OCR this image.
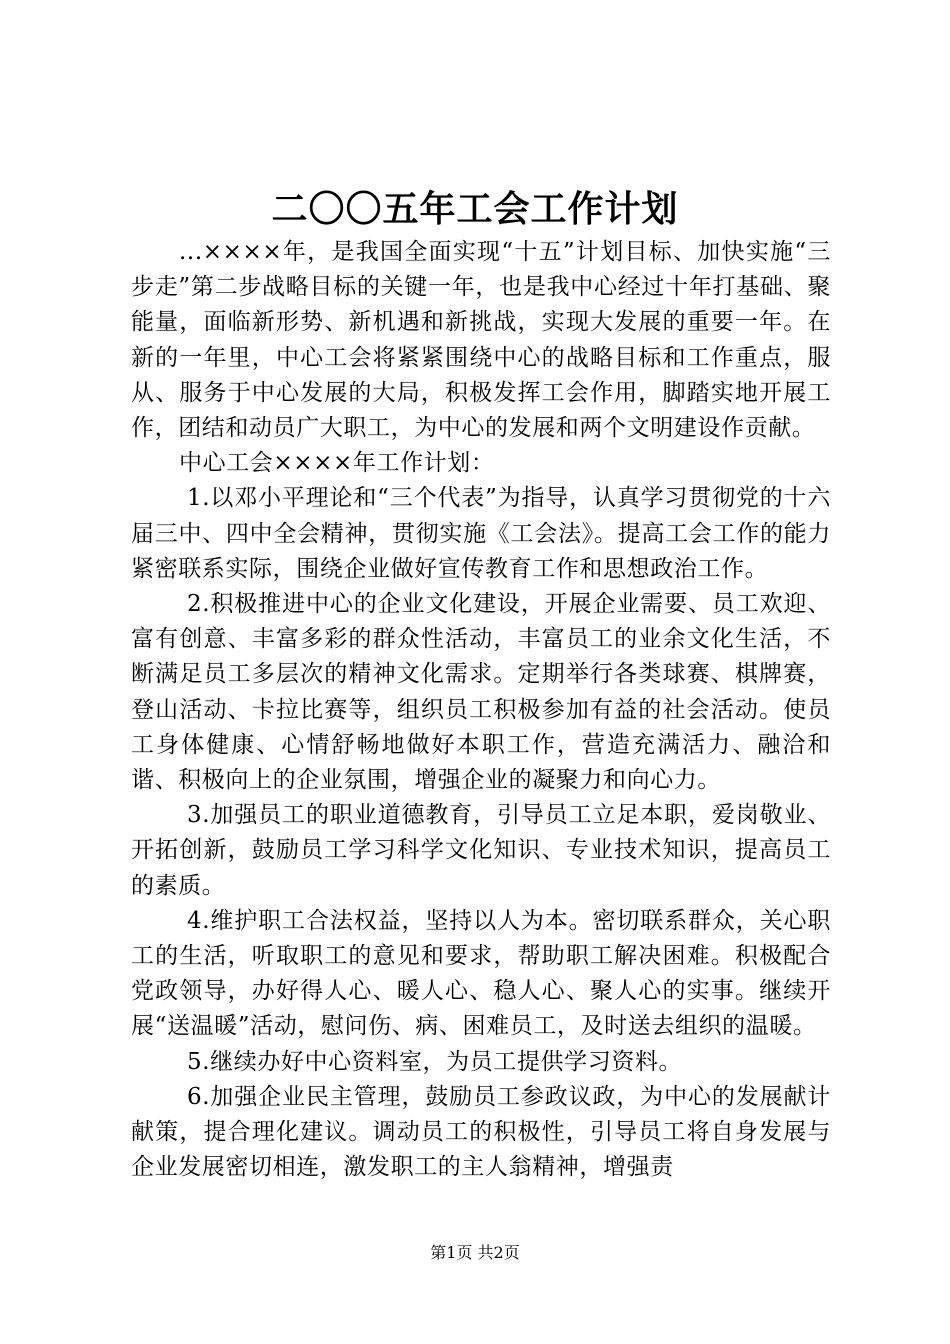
二〇〇五年工会工作计划

...××××年，是我国全面实现“十五”计划目标、加快实施“三步走”第二步战略目标的关键一年，也是我中心经过十年打基础、聚能量，面临新形势、新机遇和新挑战，实现大发展的重要一年。在新的一年里，中心工会将紧紧围绕中心的战略目标和工作重点，服从、服务于中心发展的大局，积极发挥工会作用，脚踏实地开展工作，团结和动员广大职工，为中心的发展和两个文明建设作贡献。

中心工会××××年工作计划：

1.以邓小平理论和“三个代表”为指导，认真学习贯彻党的十六届三中、四中全会精神，贯彻实施《工会法》。提高工会工作的能力紧密联系实际，围绕企业做好宣传教育工作和思想政治工作。

2.积极推进中心的企业文化建设，开展企业需要、员工欢迎、富有创意、丰富多彩的群众性活动，丰富员工的业余文化生活，不断满足员工多层次的精神文化需求。定期举行各类球赛、棋牌赛，登山活动、卡拉比赛等，组织员工积极参加有益的社会活动。使员工身体健康、心情舒畅地做好本职工作，营造充满活力、融洽和谐、积极向上的企业氛围，增强企业的凝聚力和向心力。

3.加强员工的职业道德教育，引导员工立足本职，爱岗敬业、开拓创新，鼓励员工学习科学文化知识、专业技术知识，提高员工的素质。

4.维护职工合法权益，坚持以人为本。密切联系群众，关心职工的生活，听取职工的意见和要求，帮助职工解决困难。积极配合党政领导，办好得人心、暖人心、稳人心、聚人心的实事。继续开展“送温暖”活动，慰问伤、病、困难员工，及时送去组织的温暖。

5.继续办好中心资料室，为员工提供学习资料。

6.加强企业民主管理，鼓励员工参政议政，为中心的发展献计献策，提合理化建议。调动员工的积极性，引导员工将自身发展与企业发展密切相连，激发职工的主人翁精神，增强责

第1页 共2页
